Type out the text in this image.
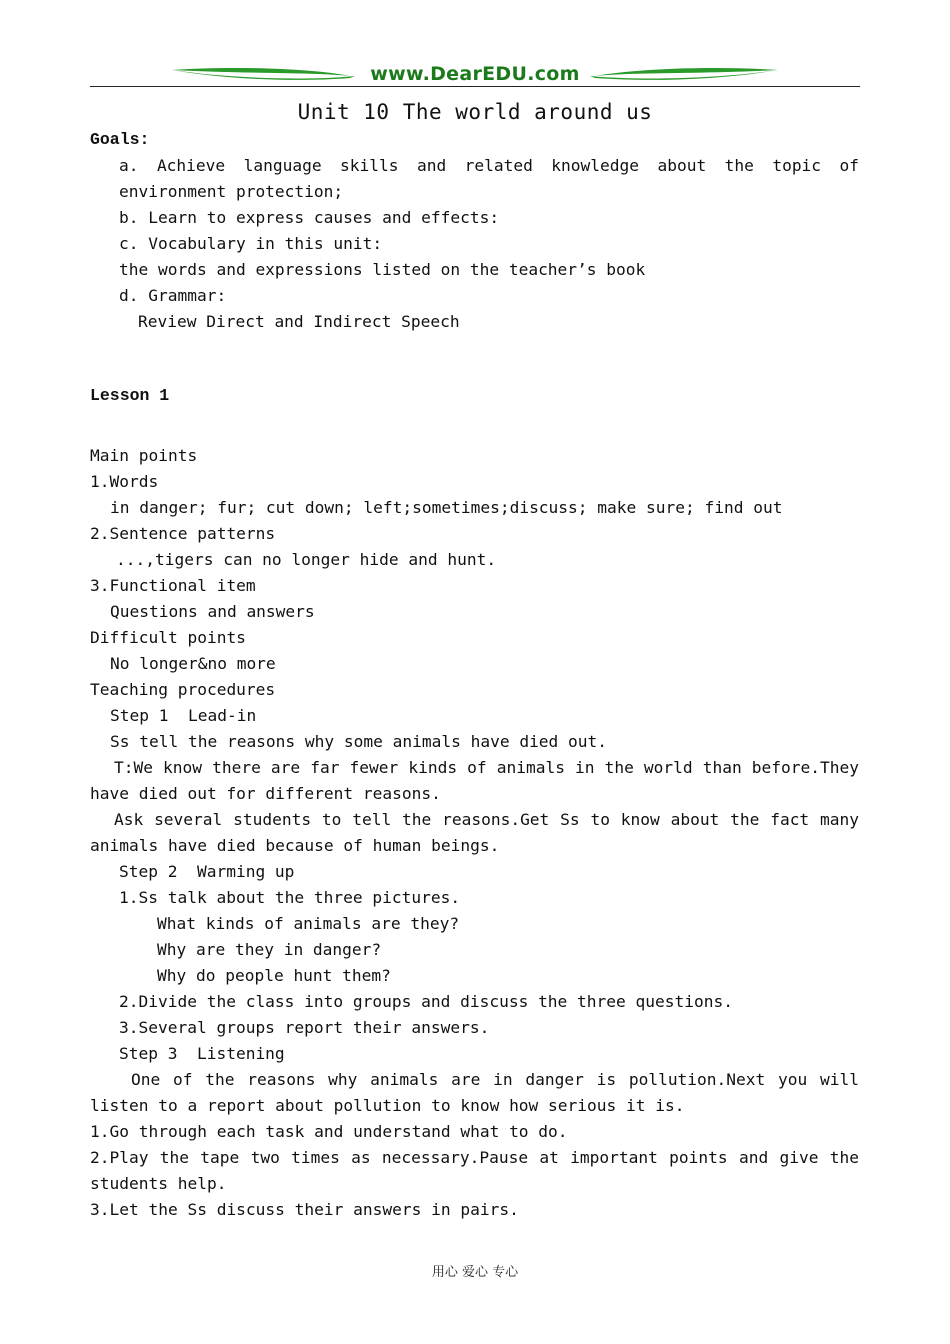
www.DearEDU.com
Unit 10 The world around us
Goals:
a. Achieve language skills and related knowledge about the topic of
environment protection;
b. Learn to express causes and effects:
c. Vocabulary in this unit:
the words and expressions listed on the teacher’s book
d. Grammar:
Review Direct and Indirect Speech
Lesson 1
Main points
1.Words
in danger; fur; cut down; left;sometimes;discuss; make sure; find out
2.Sentence patterns
...,tigers can no longer hide and hunt.
3.Functional item
Questions and answers
Difficult points
No longer&no more
Teaching procedures
Step 1  Lead-in
Ss tell the reasons why some animals have died out.
T:We know there are far fewer kinds of animals in the world than before.They
have died out for different reasons.
Ask several students to tell the reasons.Get Ss to know about the fact many
animals have died because of human beings.
Step 2  Warming up
1.Ss talk about the three pictures.
What kinds of animals are they?
Why are they in danger?
Why do people hunt them?
2.Divide the class into groups and discuss the three questions.
3.Several groups report their answers.
Step 3  Listening
One of the reasons why animals are in danger is pollution.Next you will
listen to a report about pollution to know how serious it is.
1.Go through each task and understand what to do.
2.Play the tape two times as necessary.Pause at important points and give the
students help.
3.Let the Ss discuss their answers in pairs.
用心 爱心 专心
